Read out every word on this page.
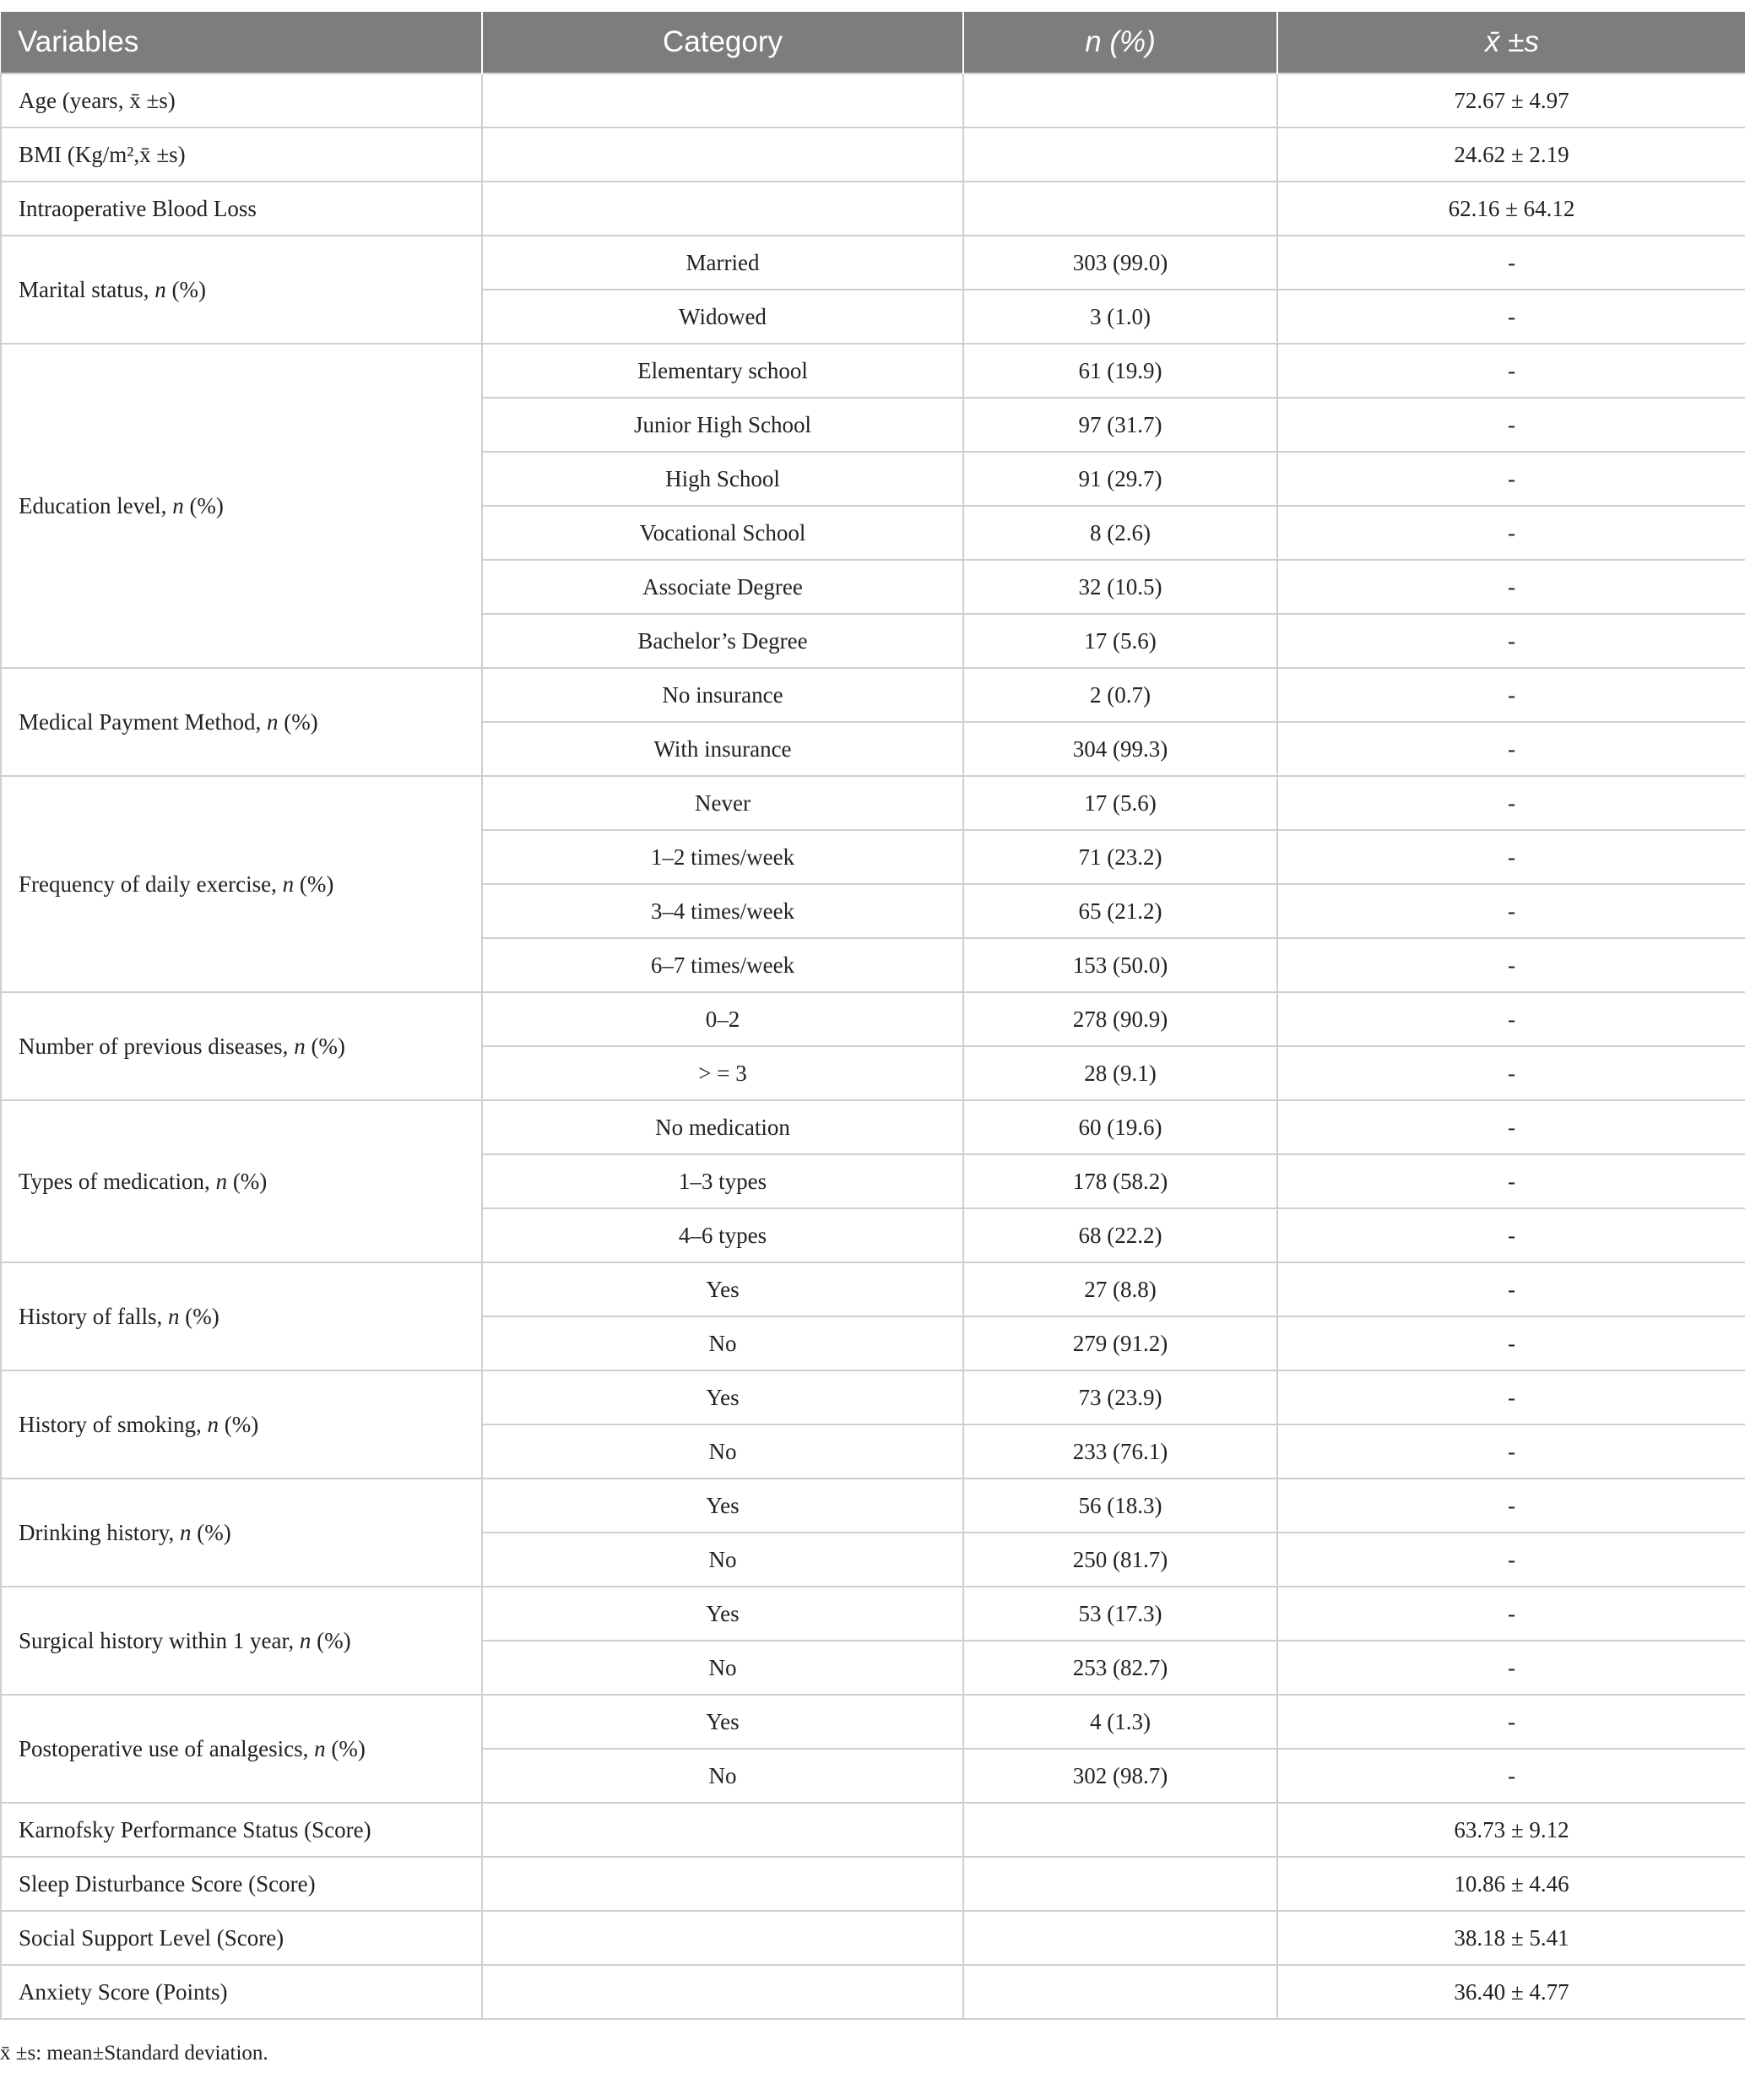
Variables	Category	n (%)	x̄ ±s
Age (years, x̄ ±s)			72.67 ± 4.97
BMI (Kg/m²,x̄ ±s)			24.62 ± 2.19
Intraoperative Blood Loss			62.16 ± 64.12
Marital status, n (%)	Married	303 (99.0)	-
	Widowed	3 (1.0)	-
Education level, n (%)	Elementary school	61 (19.9)	-
	Junior High School	97 (31.7)	-
	High School	91 (29.7)	-
	Vocational School	8 (2.6)	-
	Associate Degree	32 (10.5)	-
	Bachelor’s Degree	17 (5.6)	-
Medical Payment Method, n (%)	No insurance	2 (0.7)	-
	With insurance	304 (99.3)	-
Frequency of daily exercise, n (%)	Never	17 (5.6)	-
	1–2 times/week	71 (23.2)	-
	3–4 times/week	65 (21.2)	-
	6–7 times/week	153 (50.0)	-
Number of previous diseases, n (%)	0–2	278 (90.9)	-
	> = 3	28 (9.1)	-
Types of medication, n (%)	No medication	60 (19.6)	-
	1–3 types	178 (58.2)	-
	4–6 types	68 (22.2)	-
History of falls, n (%)	Yes	27 (8.8)	-
	No	279 (91.2)	-
History of smoking, n (%)	Yes	73 (23.9)	-
	No	233 (76.1)	-
Drinking history, n (%)	Yes	56 (18.3)	-
	No	250 (81.7)	-
Surgical history within 1 year, n (%)	Yes	53 (17.3)	-
	No	253 (82.7)	-
Postoperative use of analgesics, n (%)	Yes	4 (1.3)	-
	No	302 (98.7)	-
Karnofsky Performance Status (Score)			63.73 ± 9.12
Sleep Disturbance Score (Score)			10.86 ± 4.46
Social Support Level (Score)			38.18 ± 5.41
Anxiety Score (Points)			36.40 ± 4.77
x̄ ±s: mean±Standard deviation.
